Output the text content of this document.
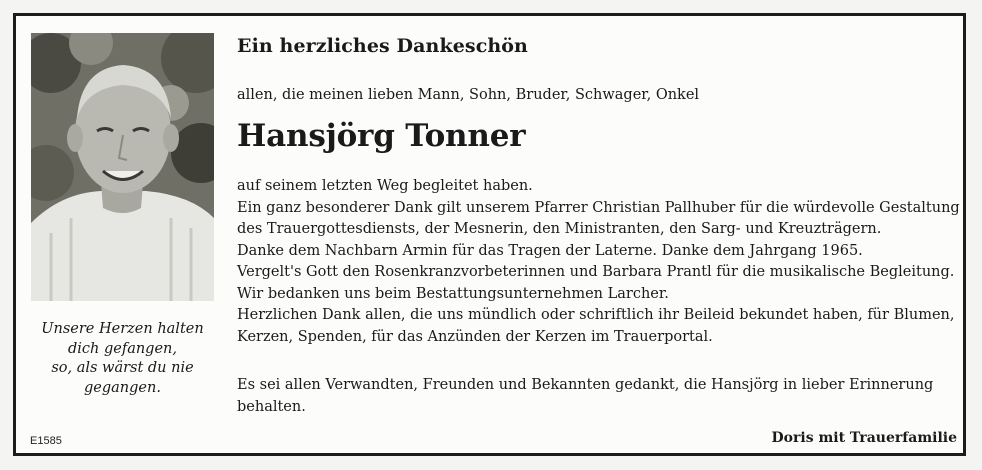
Unsere Herzen halten
dich gefangen,
so, als wärst du nie
gegangen.
E1585
Ein herzliches Dankeschön
allen, die meinen lieben Mann, Sohn, Bruder, Schwager, Onkel
Hansjörg Tonner
auf seinem letzten Weg begleitet haben.
Ein ganz besonderer Dank gilt unserem Pfarrer Christian Pallhuber für die würdevolle Gestaltung
des Trauergottesdiensts, der Mesnerin, den Ministranten, den Sarg- und Kreuzträgern.
Danke dem Nachbarn Armin für das Tragen der Laterne. Danke dem Jahrgang 1965.
Vergelt's Gott den Rosenkranzvorbeterinnen und Barbara Prantl für die musikalische Begleitung.
Wir bedanken uns beim Bestattungsunternehmen Larcher.
Herzlichen Dank allen, die uns mündlich oder schriftlich ihr Beileid bekundet haben, für Blumen,
Kerzen, Spenden, für das Anzünden der Kerzen im Trauerportal.
Es sei allen Verwandten, Freunden und Bekannten gedankt, die Hansjörg in lieber Erinnerung
behalten.
Doris mit Trauerfamilie
